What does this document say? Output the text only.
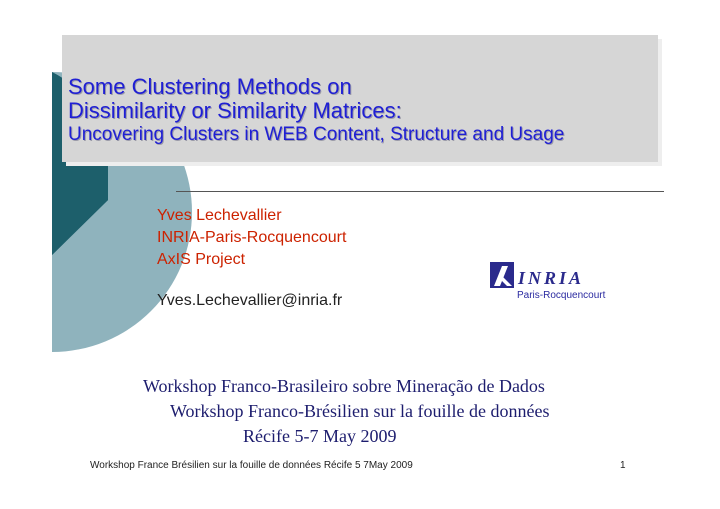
Some Clustering Methods on
Dissimilarity or Similarity Matrices:
Uncovering Clusters in WEB Content, Structure and Usage
Yves Lechevallier
INRIA-Paris-Rocquencourt
AxIS Project
Yves.Lechevallier@inria.fr
INRIA
Paris-Rocquencourt
Workshop Franco-Brasileiro sobre Mineração de Dados
Workshop Franco-Brésilien sur la fouille de données
Récife 5-7 May 2009
Workshop France Brésilien sur la fouille de données Récife 5 7May 2009	1
